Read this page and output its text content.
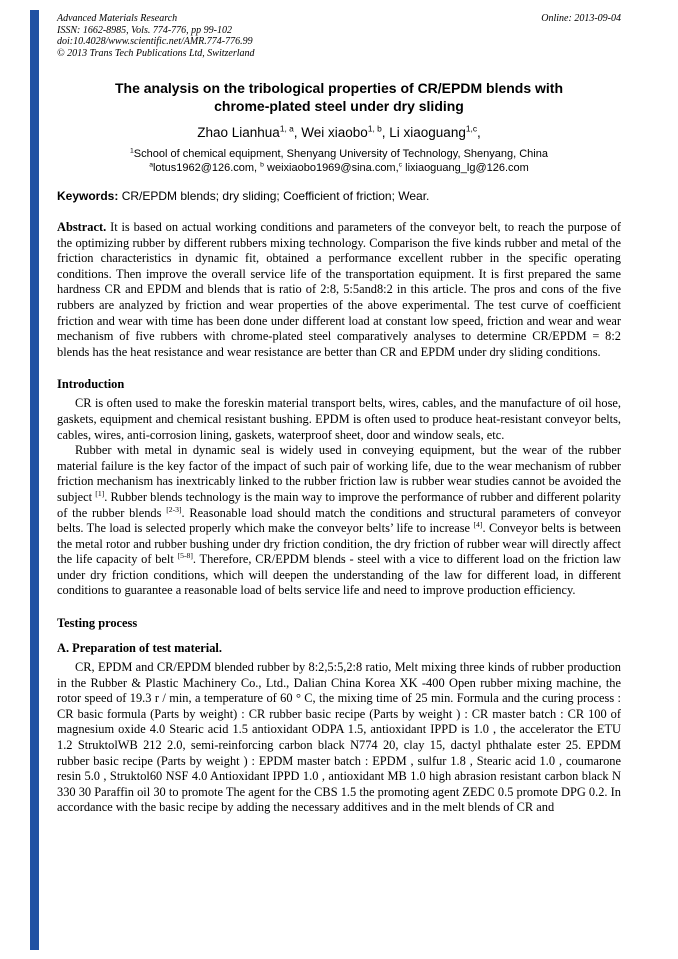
Advanced Materials Research
ISSN: 1662-8985, Vols. 774-776, pp 99-102
doi:10.4028/www.scientific.net/AMR.774-776.99
© 2013 Trans Tech Publications Ltd, Switzerland
Online: 2013-09-04
The analysis on the tribological properties of CR/EPDM blends with
chrome-plated steel under dry sliding
Zhao Lianhua$^{1, a}$, Wei xiaobo$^{1, b}$, Li xiaoguang$^{1,c}$,
$^1$School of chemical equipment, Shenyang University of Technology, Shenyang, China
$^a$lotus1962@126.com, $^b$ weixiaobo1969@sina.com,$^c$ lixiaoguang_lg@126.com
Keywords: CR/EPDM blends; dry sliding; Coefficient of friction; Wear.

Abstract. It is based on actual working conditions and parameters of the conveyor belt, to reach the purpose of the optimizing rubber by different rubbers mixing technology. Comparison the five kinds rubber and metal of the friction characteristics in dynamic fit, obtained a performance excellent rubber in the specific operating conditions. Then improve the overall service life of the transportation equipment. It is first prepared the same hardness CR and EPDM and blends that is ratio of 2:8, 5:5and8:2 in this article. The pros and cons of the five rubbers are analyzed by friction and wear properties of the above experimental. The test curve of coefficient friction and wear with time has been done under different load at constant low speed, friction and wear and wear mechanism of five rubbers with chrome-plated steel comparatively analyses to determine CR/EPDM = 8:2 blends has the heat resistance and wear resistance are better than CR and EPDM under dry sliding conditions.

Introduction

CR is often used to make the foreskin material transport belts, wires, cables, and the manufacture of oil hose, gaskets, equipment and chemical resistant bushing. EPDM is often used to produce heat-resistant conveyor belts, cables, wires, anti-corrosion lining, gaskets, waterproof sheet, door and window seals, etc.

Rubber with metal in dynamic seal is widely used in conveying equipment, but the wear of the rubber material failure is the key factor of the impact of such pair of working life, due to the wear mechanism of rubber friction mechanism has inextricably linked to the rubber friction law is rubber wear studies cannot be avoided the subject [1]. Rubber blends technology is the main way to improve the performance of rubber and different polarity of the rubber blends [2-3]. Reasonable load should match the conditions and structural parameters of conveyor belts. The load is selected properly which make the conveyor belts’ life to increase [4]. Conveyor belts is between the metal rotor and rubber bushing under dry friction condition, the dry friction of rubber wear will directly affect the life capacity of belt [5-8]. Therefore, CR/EPDM blends - steel with a vice to different load on the friction law under dry friction conditions, which will deepen the understanding of the law for different load, in different conditions to guarantee a reasonable load of belts service life and need to improve production efficiency.

Testing process
A. Preparation of test material.

CR, EPDM and CR/EPDM blended rubber by 8:2,5:5,2:8 ratio, Melt mixing three kinds of rubber production in the Rubber & Plastic Machinery Co., Ltd., Dalian China Korea XK -400 Open rubber mixing machine, the rotor speed of 19.3 r / min, a temperature of 60 ° C, the mixing time of 25 min. Formula and the curing process : CR basic formula (Parts by weight) : CR rubber basic recipe (Parts by weight ) : CR master batch : CR 100 of magnesium oxide 4.0 Stearic acid 1.5 antioxidant ODPA 1.5, antioxidant IPPD is 1.0 , the accelerator the ETU 1.2 StruktolWB 212 2.0, semi-reinforcing carbon black N774 20, clay 15, dactyl phthalate ester 25. EPDM rubber basic recipe (Parts by weight ) : EPDM master batch : EPDM , sulfur 1.8 , Stearic acid 1.0 , coumarone resin 5.0 , Struktol60 NSF 4.0 Antioxidant IPPD 1.0 , antioxidant MB 1.0 high abrasion resistant carbon black N 330 30 Paraffin oil 30 to promote The agent for the CBS 1.5 the promoting agent ZEDC 0.5 promote DPG 0.2. In accordance with the basic recipe by adding the necessary additives and in the melt blends of CR and
